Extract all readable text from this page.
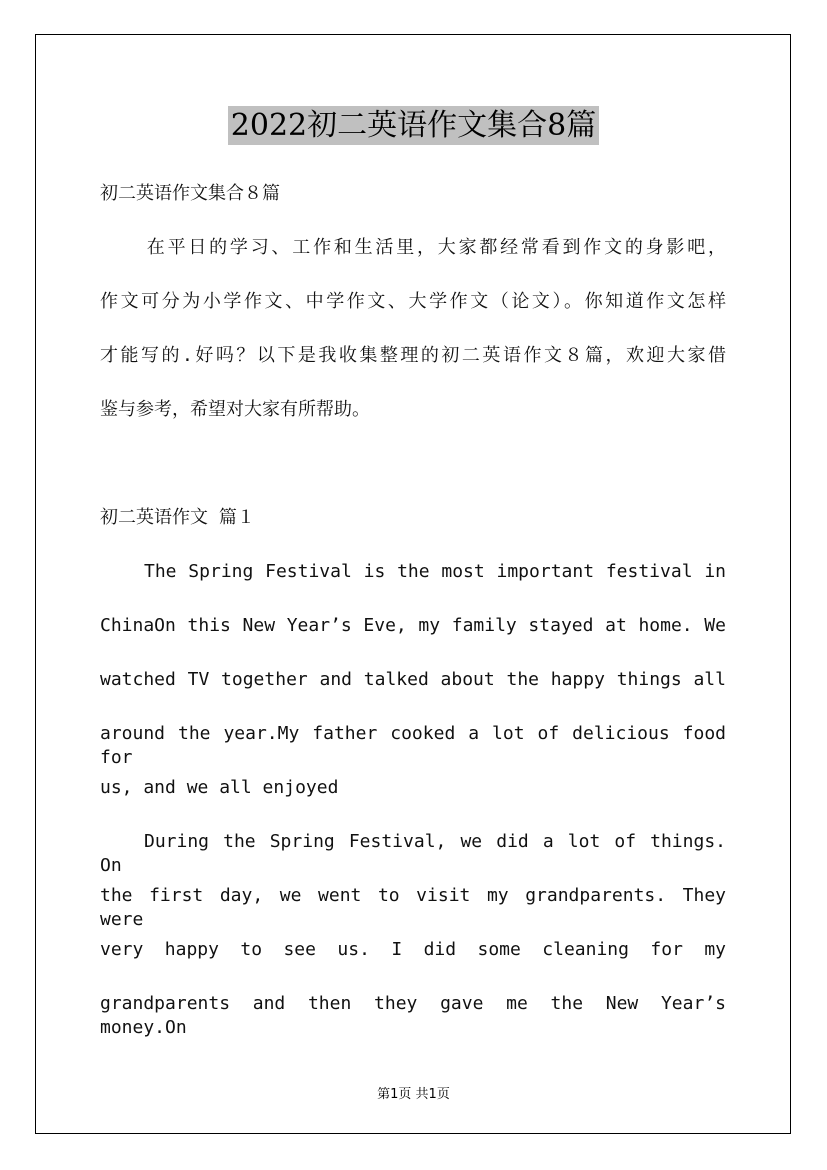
2022初二英语作文集合8篇
初二英语作文集合８篇
在平日的学习、工作和生活里，大家都经常看到作文的身影吧，
作文可分为小学作文、中学作文、大学作文（论文）。你知道作文怎样
才能写的.好吗？以下是我收集整理的初二英语作文８篇，欢迎大家借
鉴与参考，希望对大家有所帮助。
初二英语作文 篇１
The Spring Festival is the most important festival in
ChinaOn this New Year’s Eve, my family stayed at home. We
watched TV together and talked about the happy things all
around the year.My father cooked a lot of delicious food for
us, and we all enjoyed
During the Spring Festival, we did a lot of things. On
the first day, we went to visit my grandparents. They were
very happy to see us. I did some cleaning for my
grandparents and then they gave me the New Year’s money.On
第1页 共1页
